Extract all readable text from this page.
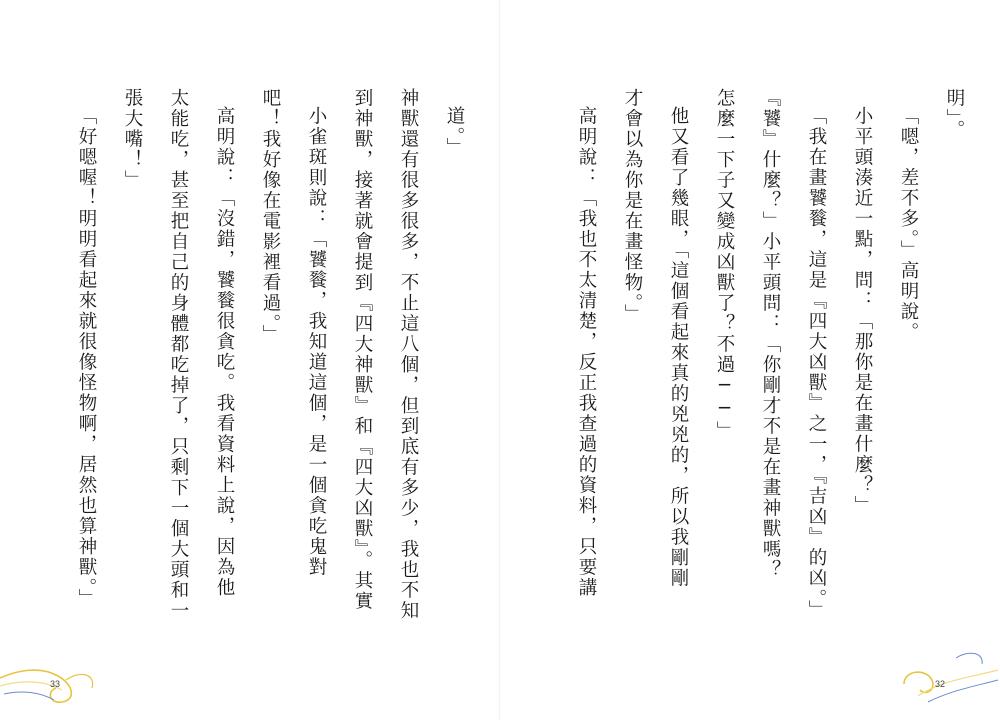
道。」
神獸還有很多很多，不止這八個，但到底有多少，我也不知
到神獸，接著就會提到『四大神獸』和『四大凶獸』。其實
小雀斑則說：「饕餮，我知道這個，是一個貪吃鬼對
吧！我好像在電影裡看過。」
高明說：「沒錯，饕餮很貪吃。我看資料上說，因為他
太能吃，甚至把自己的身體都吃掉了，只剩下一個大頭和一
張大嘴！」
「好嗯喔！明明看起來就很像怪物啊，居然也算神獸。」
33
明」。
「嗯，差不多。」高明說。
小平頭湊近一點，問：「那你是在畫什麼？」
「我在畫饕餮，這是『四大凶獸』之一，『吉凶』的凶。」
『饕』什麼？」小平頭問：「你剛才不是在畫神獸嗎？
怎麼一下子又變成凶獸了？不過──」
他又看了幾眼，「這個看起來真的兇兇的，所以我剛剛
才會以為你是在畫怪物。」
高明說：「我也不太清楚，反正我查過的資料，只要講
32
